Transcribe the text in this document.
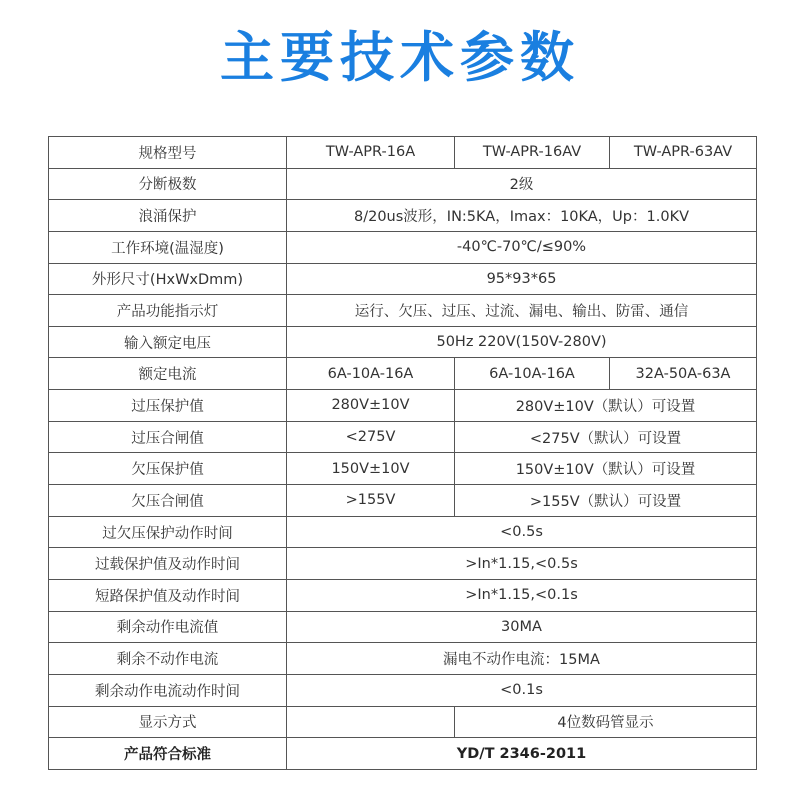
主要技术参数
规格型号	TW-APR-16A	TW-APR-16AV	TW-APR-63AV
分断极数	2级		
浪涌保护	8/20us波形，IN:5KA，Imax：10KA，Up：1.0KV		
工作环境(温湿度)	-40℃-70℃/≤90%		
外形尺寸(HxWxDmm)	95*93*65		
产品功能指示灯	运行、欠压、过压、过流、漏电、输出、防雷、通信		
输入额定电压	50Hz 220V(150V-280V)		
额定电流	6A-10A-16A	6A-10A-16A	32A-50A-63A
过压保护值	280V±10V	280V±10V（默认）可设置	
过压合闸值	<275V	<275V（默认）可设置	
欠压保护值	150V±10V	150V±10V（默认）可设置	
欠压合闸值	>155V	>155V（默认）可设置	
过欠压保护动作时间	<0.5s		
过载保护值及动作时间	>In*1.15,<0.5s		
短路保护值及动作时间	>In*1.15,<0.1s		
剩余动作电流值	30MA		
剩余不动作电流	漏电不动作电流：15MA		
剩余动作电流动作时间	<0.1s		
显示方式		4位数码管显示	
产品符合标准	YD/T 2346-2011		
